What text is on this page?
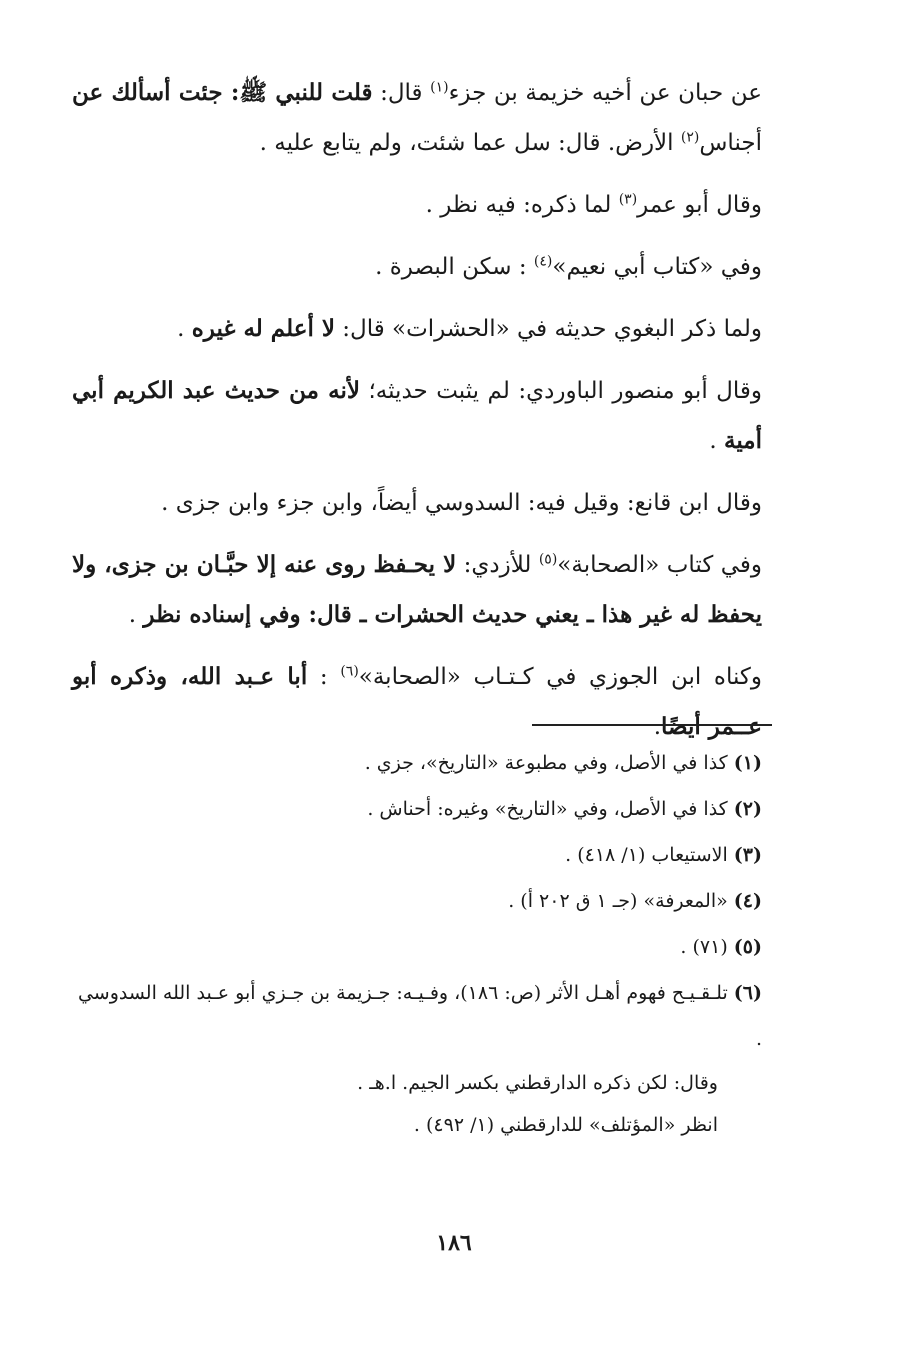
عن حبان عن أخيه خزيمة بن جزء$^{(١)}$ قال: قلت للنبي ﷺ: جئت أسألك عن أجناس$^{(٢)}$ الأرض. قال: سل عما شئت، ولم يتابع عليه .

وقال أبو عمر$^{(٣)}$ لما ذكره: فيه نظر .

وفي «كتاب أبي نعيم»$^{(٤)}$ : سكن البصرة .

ولما ذكر البغوي حديثه في «الحشرات» قال: لا أعلم له غيره .

وقال أبو منصور الباوردي: لم يثبت حديثه؛ لأنه من حديث عبد الكريم أبي أمية .

وقال ابن قانع: وقيل فيه: السدوسي أيضاً، وابن جزء وابن جزى .

وفي كتاب «الصحابة»$^{(٥)}$ للأزدي: لا يحـفظ روى عنه إلا حبَّـان بن جزى، ولا يحفظ له غير هذا ـ يعني حديث الحشرات ـ قال: وفي إسناده نظر .

وكناه ابن الجوزي في كـتـاب «الصحابة»$^{(٦)}$ : أبا عـبد الله، وذكره أبو عــمر أيضًا.

(١) كذا في الأصل، وفي مطبوعة «التاريخ»، جزي .

(٢) كذا في الأصل، وفي «التاريخ» وغيره: أحناش .

(٣) الاستيعاب (١/ ٤١٨) .

(٤) «المعرفة» (جـ ١ ق ٢٠٢ أ) .

(٥) (٧١) .

(٦) تلـقـيـح فهوم أهـل الأثر (ص: ١٨٦)، وفـيـه: جـزيمة بن جـزي أبو عـبد الله السدوسي .

وقال: لكن ذكره الدارقطني بكسر الجيم. ا.هـ .

انظر «المؤتلف» للدارقطني (١/ ٤٩٢) .

١٨٦
